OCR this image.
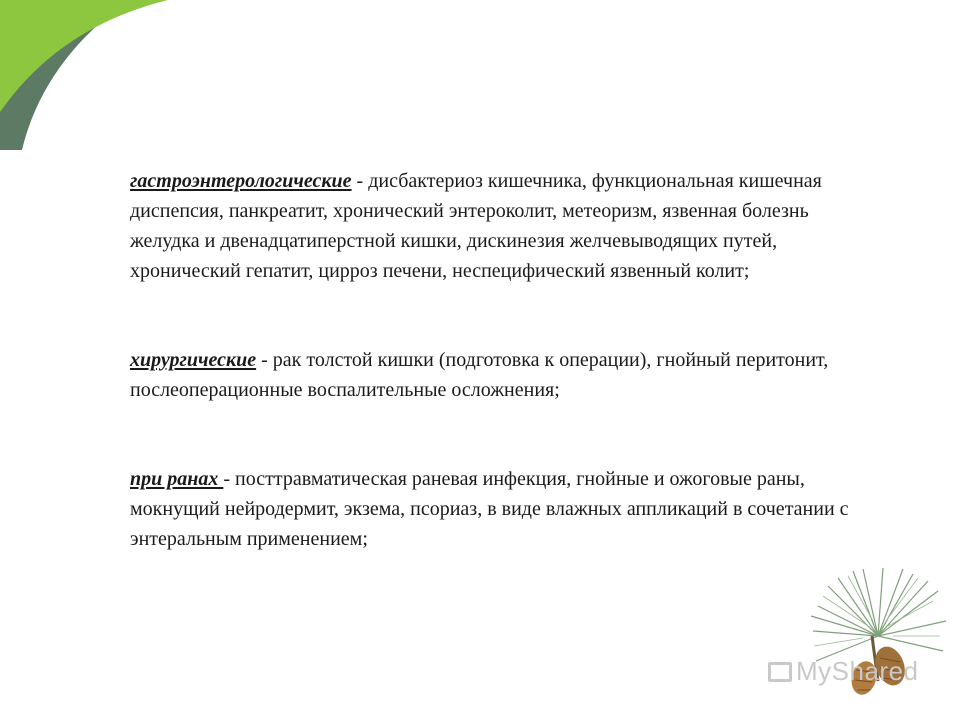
гастроэнтерологические - дисбактериоз кишечника, функциональная кишечная диспепсия, панкреатит, хронический энтероколит, метеоризм, язвенная болезнь желудка и двенадцатиперстной кишки, дискинезия желчевыводящих путей, хронический гепатит, цирроз печени, неспецифический язвенный колит;

хирургические - рак толстой кишки (подготовка к операции), гнойный перитонит, послеоперационные воспалительные осложнения;

при ранах - посттравматическая раневая инфекция, гнойные и ожоговые раны, мокнущий нейродермит, экзема, псориаз, в виде влажных аппликаций в сочетании с энтеральным применением;

MyShared
